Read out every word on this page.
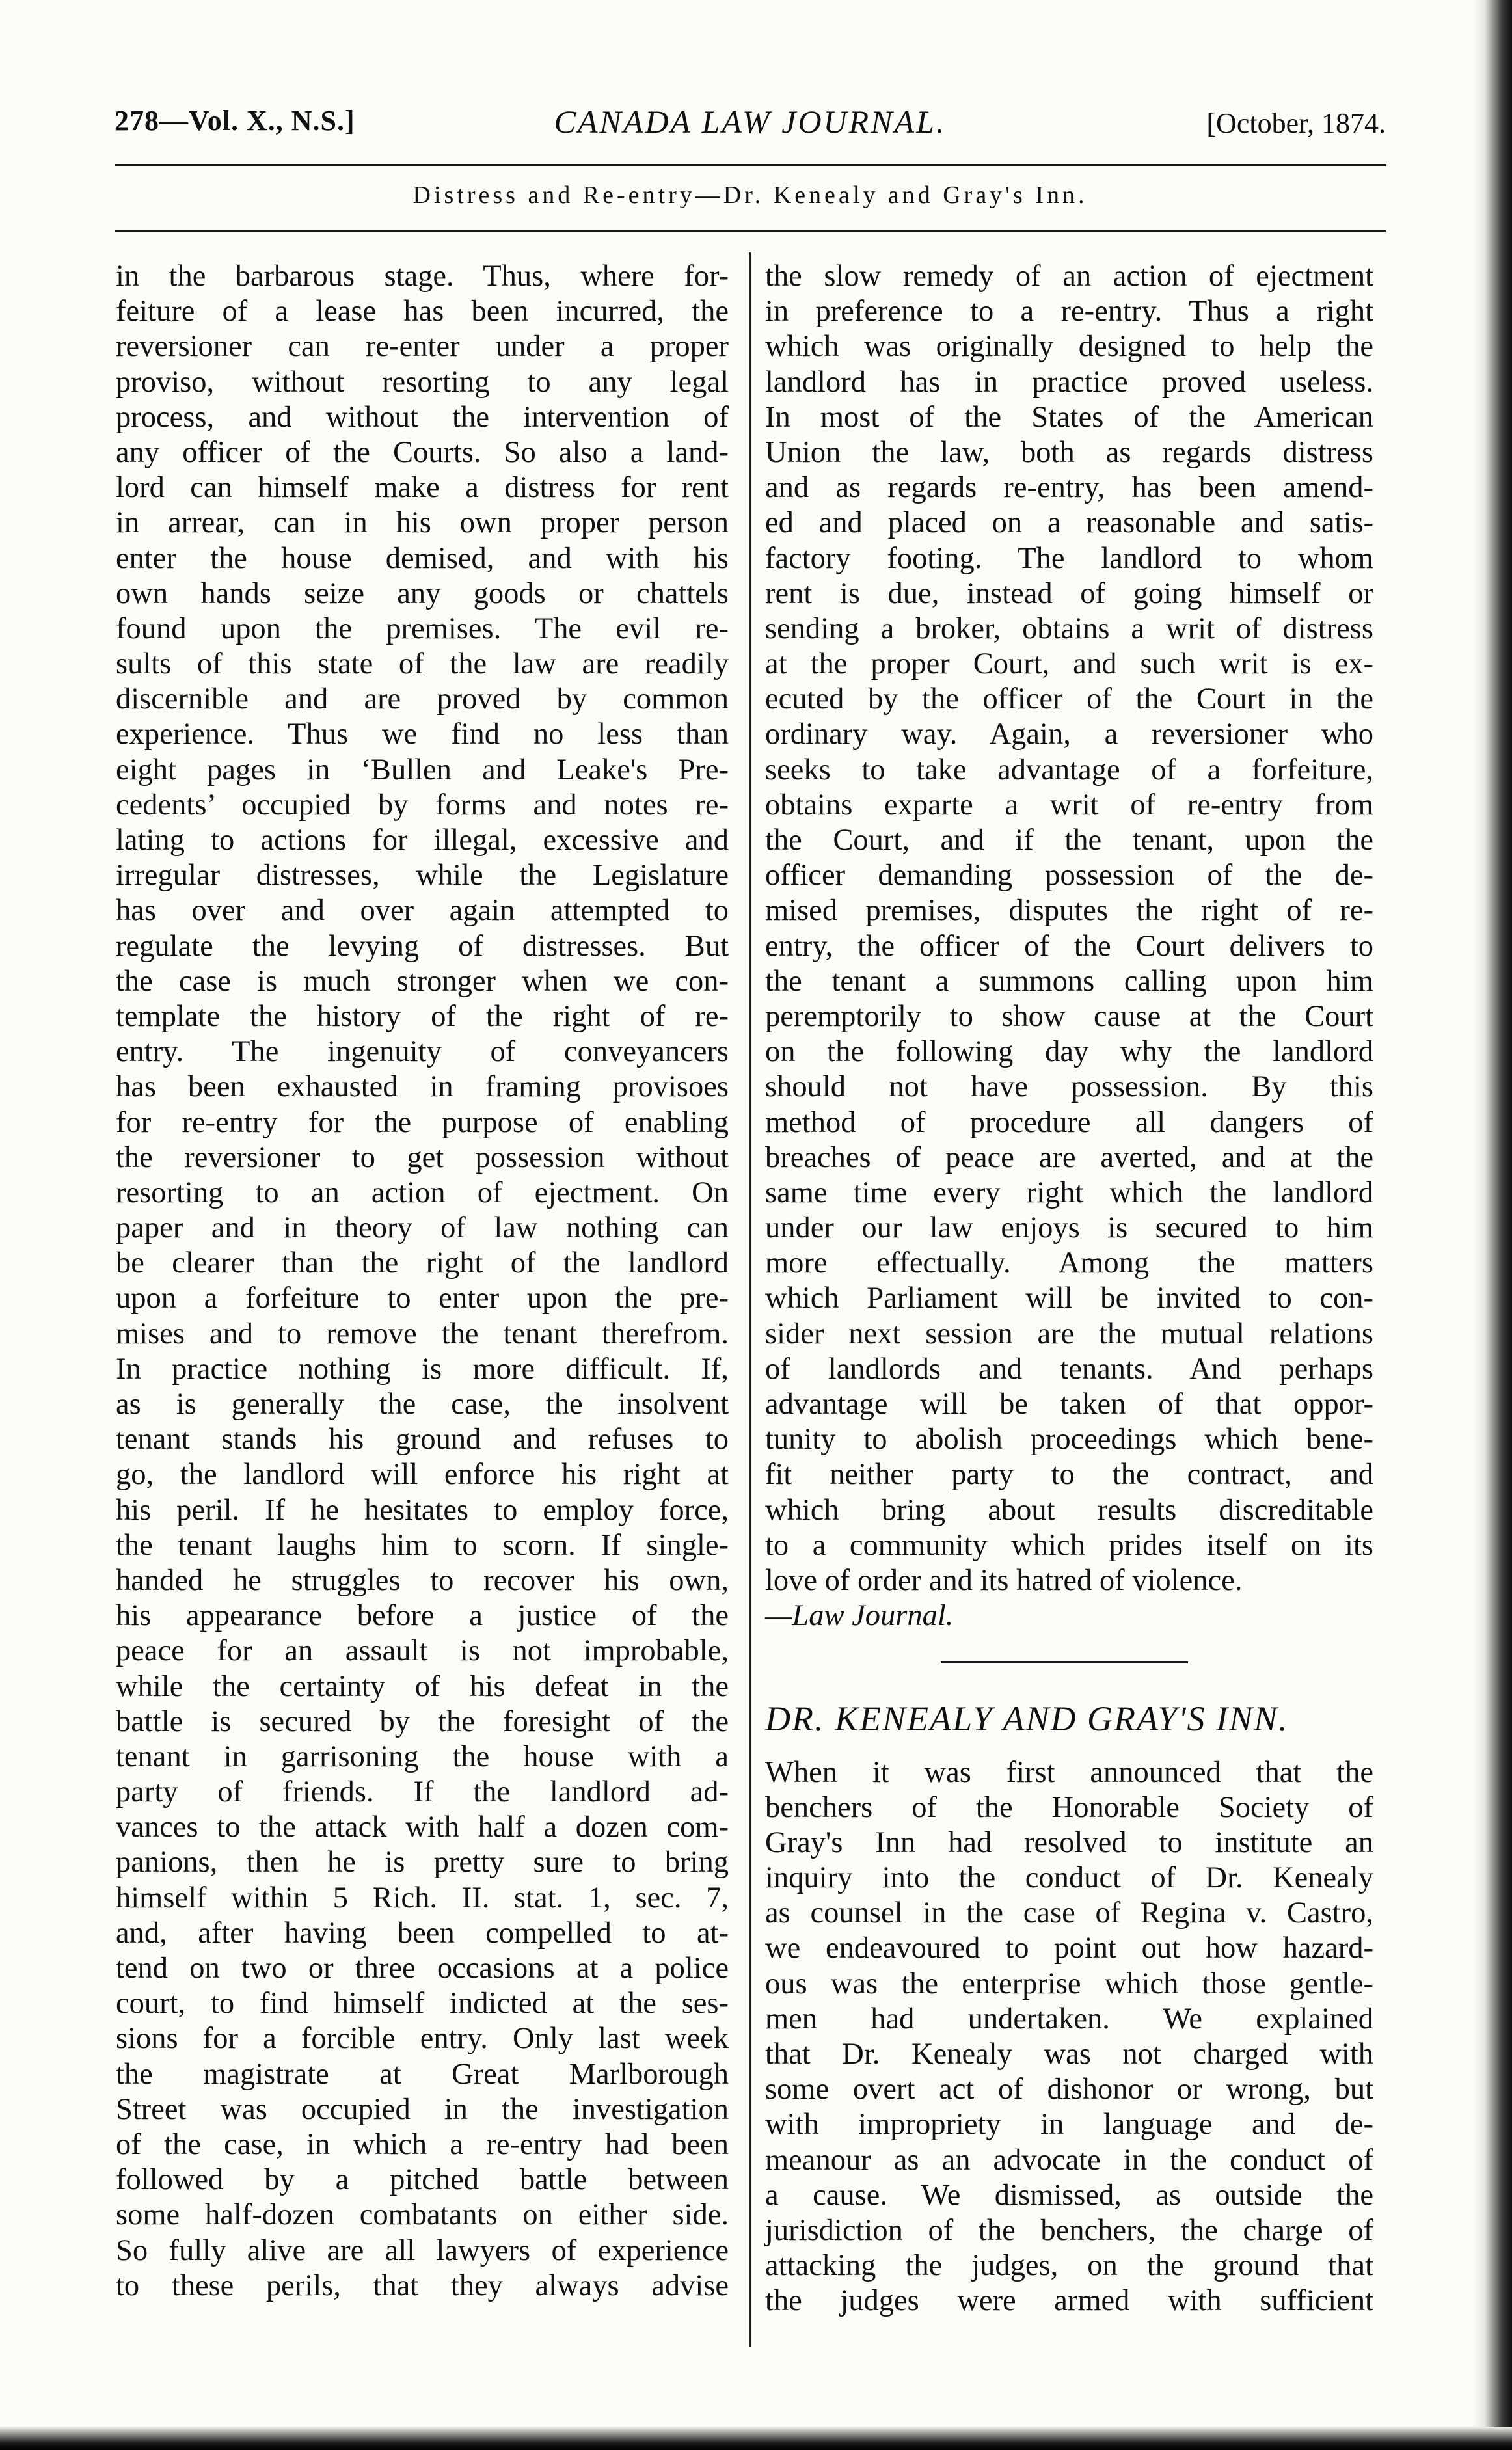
278—Vol. X., N.S.]	CANADA LAW JOURNAL.	[October, 1874.
Distress and Re-entry—Dr. Kenealy and Gray's Inn.
in the barbarous stage. Thus, where for-
feiture of a lease has been incurred, the
reversioner can re-enter under a proper
proviso, without resorting to any legal
process, and without the intervention of
any officer of the Courts. So also a land-
lord can himself make a distress for rent
in arrear, can in his own proper person
enter the house demised, and with his
own hands seize any goods or chattels
found upon the premises. The evil re-
sults of this state of the law are readily
discernible and are proved by common
experience. Thus we find no less than
eight pages in ‘Bullen and Leake's Pre-
cedents’ occupied by forms and notes re-
lating to actions for illegal, excessive and
irregular distresses, while the Legislature
has over and over again attempted to
regulate the levying of distresses. But
the case is much stronger when we con-
template the history of the right of re-
entry. The ingenuity of conveyancers
has been exhausted in framing provisoes
for re-entry for the purpose of enabling
the reversioner to get possession without
resorting to an action of ejectment. On
paper and in theory of law nothing can
be clearer than the right of the landlord
upon a forfeiture to enter upon the pre-
mises and to remove the tenant therefrom.
In practice nothing is more difficult. If,
as is generally the case, the insolvent
tenant stands his ground and refuses to
go, the landlord will enforce his right at
his peril. If he hesitates to employ force,
the tenant laughs him to scorn. If single-
handed he struggles to recover his own,
his appearance before a justice of the
peace for an assault is not improbable,
while the certainty of his defeat in the
battle is secured by the foresight of the
tenant in garrisoning the house with a
party of friends. If the landlord ad-
vances to the attack with half a dozen com-
panions, then he is pretty sure to bring
himself within 5 Rich. II. stat. 1, sec. 7,
and, after having been compelled to at-
tend on two or three occasions at a police
court, to find himself indicted at the ses-
sions for a forcible entry. Only last week
the magistrate at Great Marlborough
Street was occupied in the investigation
of the case, in which a re-entry had been
followed by a pitched battle between
some half-dozen combatants on either side.
So fully alive are all lawyers of experience
to these perils, that they always advise
the slow remedy of an action of ejectment
in preference to a re-entry. Thus a right
which was originally designed to help the
landlord has in practice proved useless.
In most of the States of the American
Union the law, both as regards distress
and as regards re-entry, has been amend-
ed and placed on a reasonable and satis-
factory footing. The landlord to whom
rent is due, instead of going himself or
sending a broker, obtains a writ of distress
at the proper Court, and such writ is ex-
ecuted by the officer of the Court in the
ordinary way. Again, a reversioner who
seeks to take advantage of a forfeiture,
obtains exparte a writ of re-entry from
the Court, and if the tenant, upon the
officer demanding possession of the de-
mised premises, disputes the right of re-
entry, the officer of the Court delivers to
the tenant a summons calling upon him
peremptorily to show cause at the Court
on the following day why the landlord
should not have possession. By this
method of procedure all dangers of
breaches of peace are averted, and at the
same time every right which the landlord
under our law enjoys is secured to him
more effectually. Among the matters
which Parliament will be invited to con-
sider next session are the mutual relations
of landlords and tenants. And perhaps
advantage will be taken of that oppor-
tunity to abolish proceedings which bene-
fit neither party to the contract, and
which bring about results discreditable
to a community which prides itself on its
love of order and its hatred of violence.
—Law Journal.
DR. KENEALY AND GRAY'S INN.
When it was first announced that the
benchers of the Honorable Society of
Gray's Inn had resolved to institute an
inquiry into the conduct of Dr. Kenealy
as counsel in the case of Regina v. Castro,
we endeavoured to point out how hazard-
ous was the enterprise which those gentle-
men had undertaken. We explained
that Dr. Kenealy was not charged with
some overt act of dishonor or wrong, but
with impropriety in language and de-
meanour as an advocate in the conduct of
a cause. We dismissed, as outside the
jurisdiction of the benchers, the charge of
attacking the judges, on the ground that
the judges were armed with sufficient
